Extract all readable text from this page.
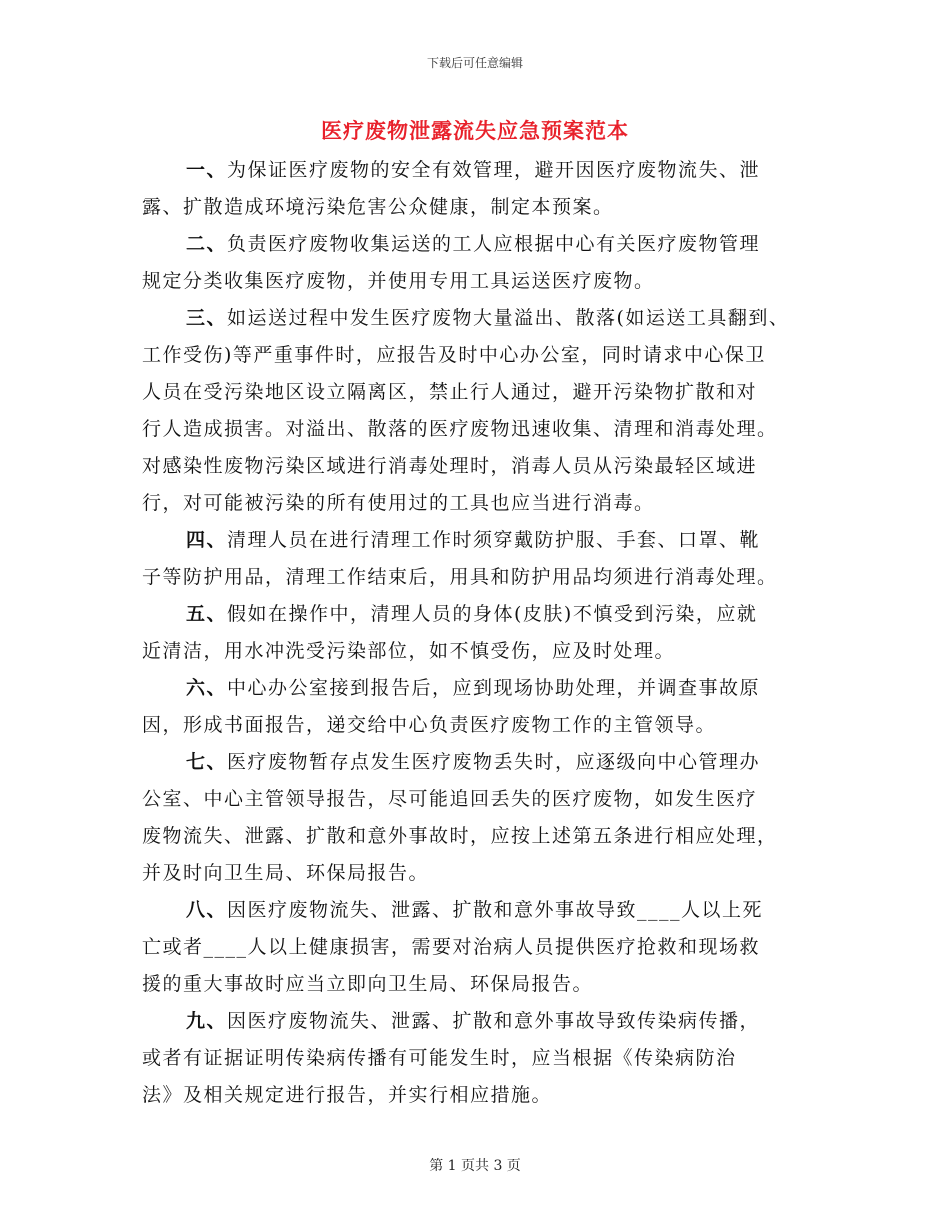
下载后可任意编辑
医疗废物泄露流失应急预案范本
一、为保证医疗废物的安全有效管理，避开因医疗废物流失、泄
露、扩散造成环境污染危害公众健康，制定本预案。
二、负责医疗废物收集运送的工人应根据中心有关医疗废物管理
规定分类收集医疗废物，并使用专用工具运送医疗废物。
三、如运送过程中发生医疗废物大量溢出、散落(如运送工具翻到、
工作受伤)等严重事件时，应报告及时中心办公室，同时请求中心保卫
人员在受污染地区设立隔离区，禁止行人通过，避开污染物扩散和对
行人造成损害。对溢出、散落的医疗废物迅速收集、清理和消毒处理。
对感染性废物污染区域进行消毒处理时，消毒人员从污染最轻区域进
行，对可能被污染的所有使用过的工具也应当进行消毒。
四、清理人员在进行清理工作时须穿戴防护服、手套、口罩、靴
子等防护用品，清理工作结束后，用具和防护用品均须进行消毒处理。
五、假如在操作中，清理人员的身体(皮肤)不慎受到污染，应就
近清洁，用水冲洗受污染部位，如不慎受伤，应及时处理。
六、中心办公室接到报告后，应到现场协助处理，并调查事故原
因，形成书面报告，递交给中心负责医疗废物工作的主管领导。
七、医疗废物暂存点发生医疗废物丢失时，应逐级向中心管理办
公室、中心主管领导报告，尽可能追回丢失的医疗废物，如发生医疗
废物流失、泄露、扩散和意外事故时，应按上述第五条进行相应处理，
并及时向卫生局、环保局报告。
八、因医疗废物流失、泄露、扩散和意外事故导致____人以上死
亡或者____人以上健康损害，需要对治病人员提供医疗抢救和现场救
援的重大事故时应当立即向卫生局、环保局报告。
九、因医疗废物流失、泄露、扩散和意外事故导致传染病传播，
或者有证据证明传染病传播有可能发生时，应当根据《传染病防治
法》及相关规定进行报告，并实行相应措施。
第 1 页共 3 页
